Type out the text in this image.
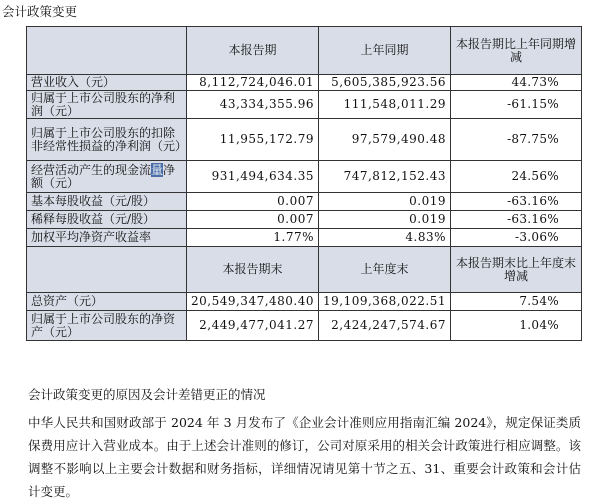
会计政策变更
	本报告期	上年同期	本报告期比上年同期增减
营业收入（元）	8,112,724,046.01	5,605,385,923.56	44.73%
归属于上市公司股东的净利润（元）	43,334,355.96	111,548,011.29	-61.15%
归属于上市公司股东的扣除非经常性损益的净利润（元）	11,955,172.79	97,579,490.48	-87.75%
经营活动产生的现金流量净额（元）	931,494,634.35	747,812,152.43	24.56%
基本每股收益（元/股）	0.007	0.019	-63.16%
稀释每股收益（元/股）	0.007	0.019	-63.16%
加权平均净资产收益率	1.77%	4.83%	-3.06%
	本报告期末	上年度末	本报告期末比上年度末增减
总资产（元）	20,549,347,480.40	19,109,368,022.51	7.54%
归属于上市公司股东的净资产（元）	2,449,477,041.27	2,424,247,574.67	1.04%
会计政策变更的原因及会计差错更正的情况

中华人民共和国财政部于 2024 年 3 月发布了《企业会计准则应用指南汇编 2024》，规定保证类质保费用应计入营业成本。由于上述会计准则的修订，公司对原采用的相关会计政策进行相应调整。该调整不影响以上主要会计数据和财务指标，详细情况请见第十节之五、31、重要会计政策和会计估计变更。
